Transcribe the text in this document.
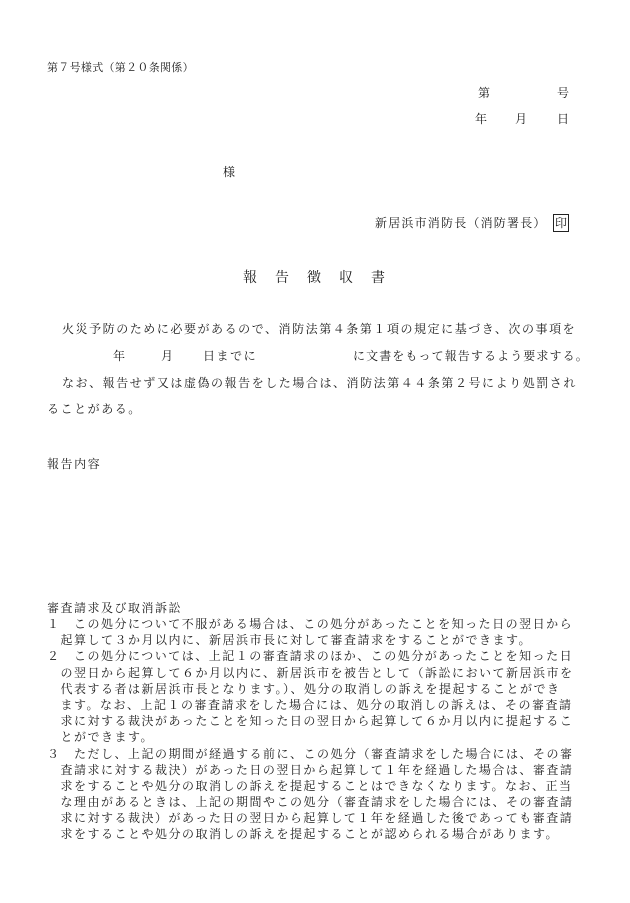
第７号様式（第２０条関係）
第	号
年 月 日
様
新居浜市消防長（消防署長） 印
報　告　徴　収　書
火災予防のために必要があるので、消防法第４条第１項の規定に基づき、次の事項を
年	月 日までに	に文書をもって報告するよう要求する。
なお、報告せず又は虚偽の報告をした場合は、消防法第４４条第２号により処罰され
ることがある。
報告内容
審査請求及び取消訴訟
１ この処分について不服がある場合は、この処分があったことを知った日の翌日から
起算して３か月以内に、新居浜市長に対して審査請求をすることができます。
２ この処分については、上記１の審査請求のほか、この処分があったことを知った日
の翌日から起算して６か月以内に、新居浜市を被告として（訴訟において新居浜市を
代表する者は新居浜市長となります。）、処分の取消しの訴えを提起することができ
ます。なお、上記１の審査請求をした場合には、処分の取消しの訴えは、その審査請
求に対する裁決があったことを知った日の翌日から起算して６か月以内に提起するこ
とができます。
３ ただし、上記の期間が経過する前に、この処分（審査請求をした場合には、その審
査請求に対する裁決）があった日の翌日から起算して１年を経過した場合は、審査請
求をすることや処分の取消しの訴えを提起することはできなくなります。なお、正当
な理由があるときは、上記の期間やこの処分（審査請求をした場合には、その審査請
求に対する裁決）があった日の翌日から起算して１年を経過した後であっても審査請
求をすることや処分の取消しの訴えを提起することが認められる場合があります。
